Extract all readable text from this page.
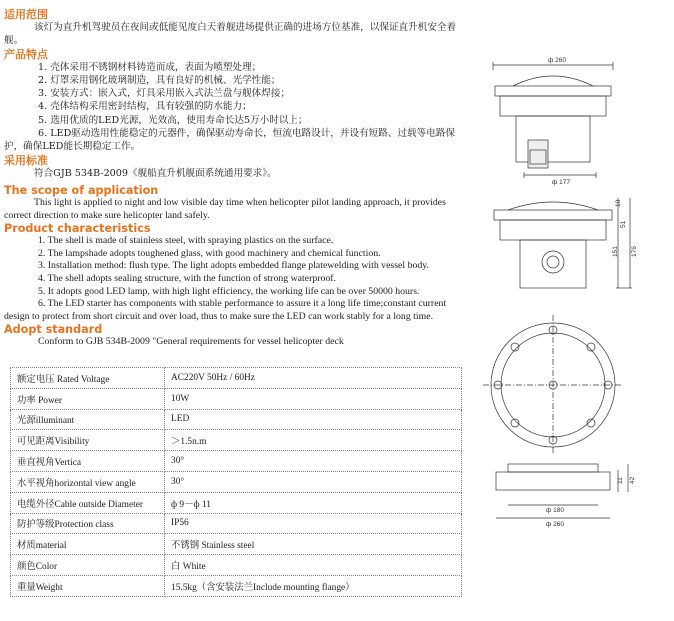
适用范围

该灯为直升机驾驶员在夜间或低能见度白天着舰进场提供正确的进场方位基准，以保证直升机安全着舰。

产品特点

1. 壳体采用不锈钢材料铸造而成，表面为喷塑处理；

2. 灯罩采用钢化玻璃制造，具有良好的机械、光学性能；

3. 安装方式：嵌入式，灯具采用嵌入式法兰盘与舰体焊接；

4. 壳体结构采用密封结构，具有较强的防水能力；

5. 选用优质的LED光源，光效高，使用寿命长达5万小时以上；

6. LED驱动选用性能稳定的元器件，确保驱动寿命长，恒流电路设计，并设有短路、过载等电路保护，确保LED能长期稳定工作。

采用标准

符合GJB 534B-2009《舰船直升机舰面系统通用要求》。

The scope of application

This light is applied to night and low visible day time when helicopter pilot landing approach, it provides correct direction to make sure helicopter land safely.

Product characteristics

1. The shell is made of stainless steel, with spraying plastics on the surface.

2. The lampshade adopts toughened glass, with good machinery and chemical function.

3. Installation method: flush type. The light adopts embedded flange platewelding with vessel body.

4. The shell adopts sealing structure, with the function of strong waterproof.

5. It adopts good LED lamp, with high light efficiency, the working life can be over 50000 hours.

6. The LED starter has components with stable performance to assure it a long life time;constant current design to protect from short circuit and over load, thus to make sure the LED can work stably for a long time.

Adopt standard

Conform to GJB 534B-2009 "General requirements for vessel helicopter deck

额定电压 Rated Voltage	AC220V 50Hz / 60Hz
功率 Power	10W
光源illuminant	LED
可见距离Visibility	＞1.5n.m
垂直视角Vertica	30°
水平视角horizontal view angle	30°
电缆外径Cable outside Diameter	ф 9－ф 11
防护等级Protection class	IP56
材质material	不锈钢 Stainless steel
颜色Color	白 White
重量Weight	15.5kg（含安装法兰Include mounting flange）
ф 260
ф 177
10
51
151 176
11 42
ф 180
ф 260
